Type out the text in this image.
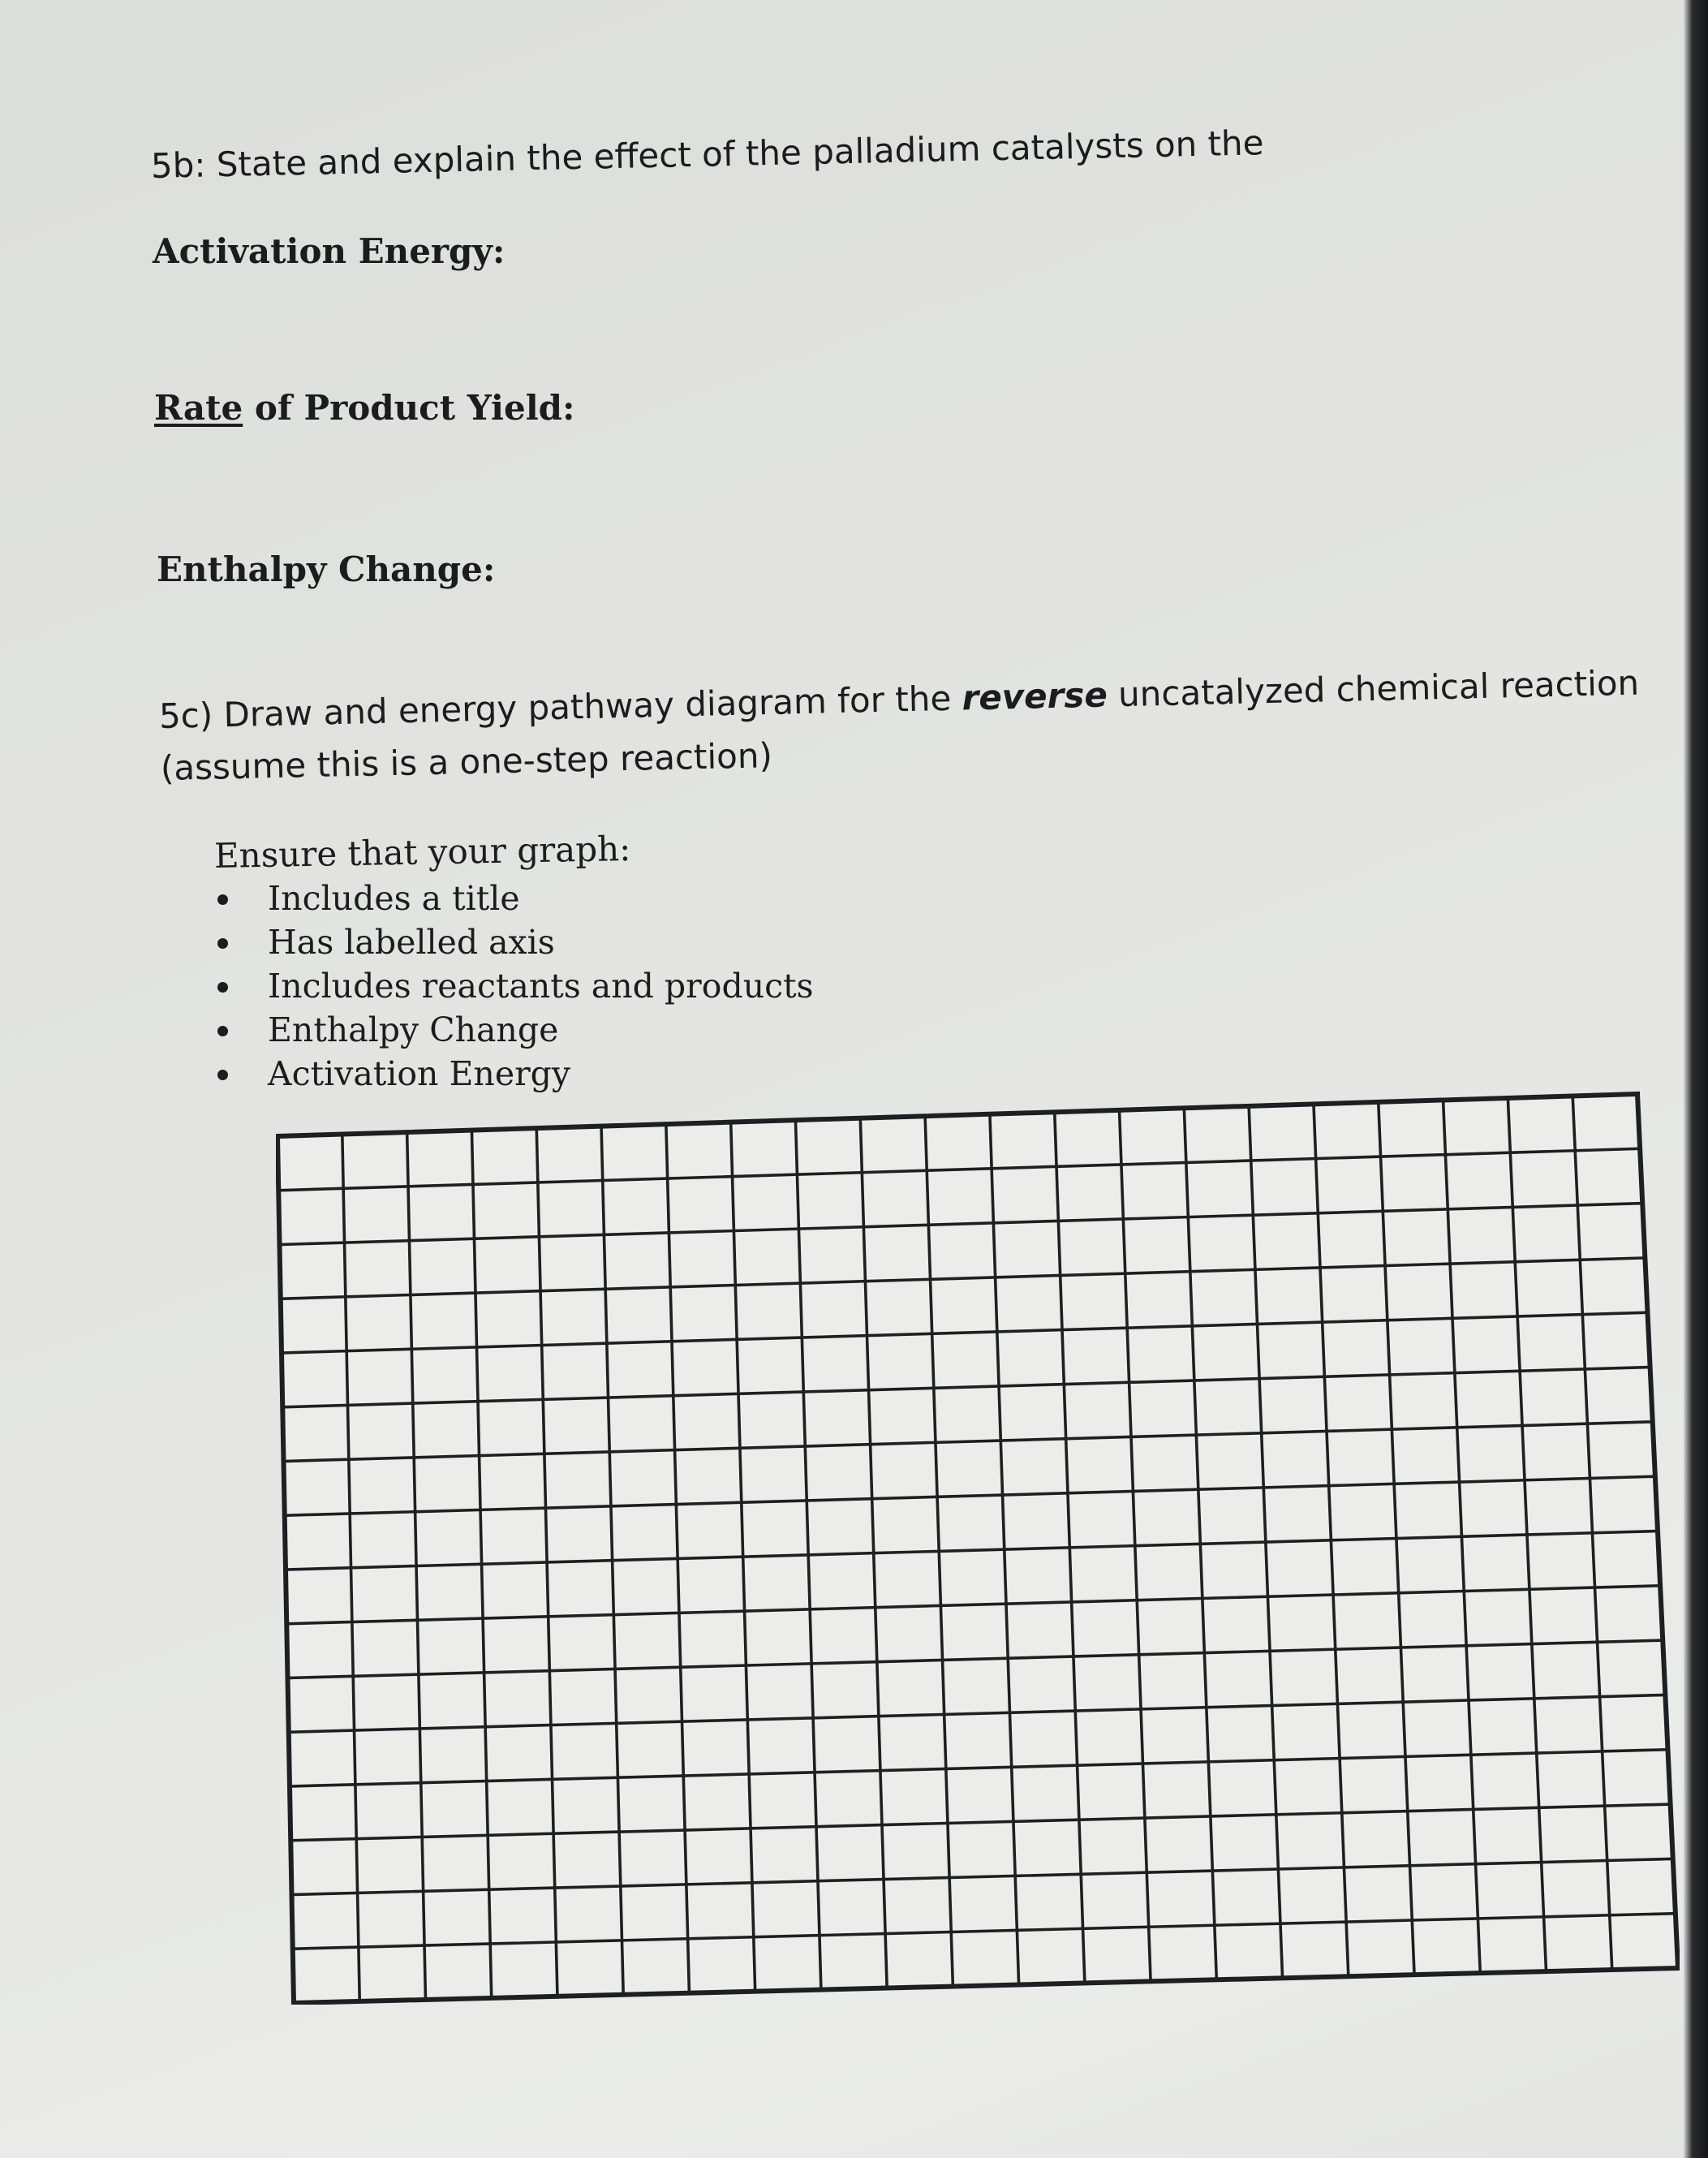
5b: State and explain the effect of the palladium catalysts on the
Activation Energy:
Rate of Product Yield:
Enthalpy Change:
5c) Draw and energy pathway diagram for the reverse uncatalyzed chemical reaction
(assume this is a one-step reaction)
Ensure that your graph:
Includes a title
Has labelled axis
Includes reactants and products
Enthalpy Change
Activation Energy
